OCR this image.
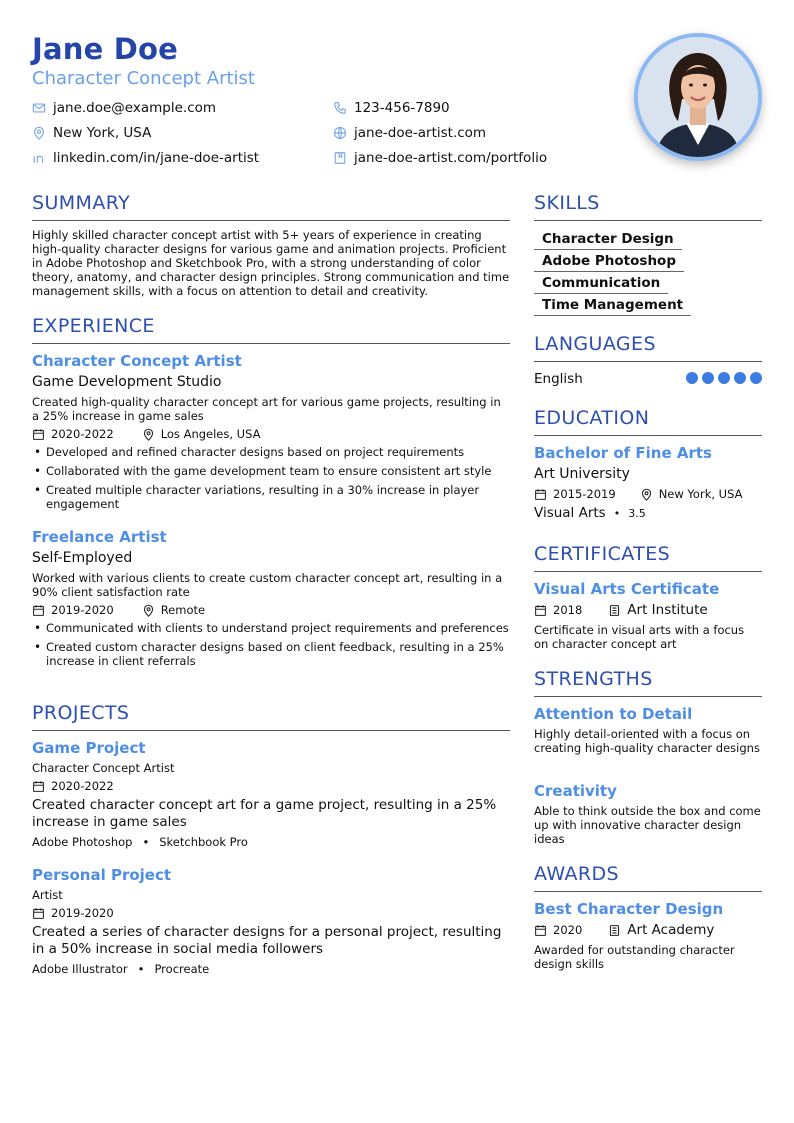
Jane Doe
Character Concept Artist
jane.doe@example.com	123-456-7890
New York, USA	jane-doe-artist.com
linkedin.com/in/jane-doe-artist	jane-doe-artist.com/portfolio
SUMMARY
Highly skilled character concept artist with 5+ years of experience in creating high-quality character designs for various game and animation projects. Proficient in Adobe Photoshop and Sketchbook Pro, with a strong understanding of color theory, anatomy, and character design principles. Strong communication and time management skills, with a focus on attention to detail and creativity.
EXPERIENCE
Character Concept Artist
Game Development Studio
Created high-quality character concept art for various game projects, resulting in a 25% increase in game sales
2020-2022	Los Angeles, USA
• Developed and refined character designs based on project requirements
• Collaborated with the game development team to ensure consistent art style
• Created multiple character variations, resulting in a 30% increase in player engagement
Freelance Artist
Self-Employed
Worked with various clients to create custom character concept art, resulting in a 90% client satisfaction rate
2019-2020	Remote
• Communicated with clients to understand project requirements and preferences
• Created custom character designs based on client feedback, resulting in a 25% increase in client referrals
PROJECTS
Game Project
Character Concept Artist
2020-2022
Created character concept art for a game project, resulting in a 25% increase in game sales
Adobe Photoshop • Sketchbook Pro
Personal Project
Artist
2019-2020
Created a series of character designs for a personal project, resulting in a 50% increase in social media followers
Adobe Illustrator • Procreate
SKILLS
Character Design
Adobe Photoshop
Communication
Time Management
LANGUAGES
English
EDUCATION
Bachelor of Fine Arts
Art University
2015-2019	New York, USA
Visual Arts • 3.5
CERTIFICATES
Visual Arts Certificate
2018	Art Institute
Certificate in visual arts with a focus on character concept art
STRENGTHS
Attention to Detail
Highly detail-oriented with a focus on creating high-quality character designs
Creativity
Able to think outside the box and come up with innovative character design ideas
AWARDS
Best Character Design
2020	Art Academy
Awarded for outstanding character design skills
